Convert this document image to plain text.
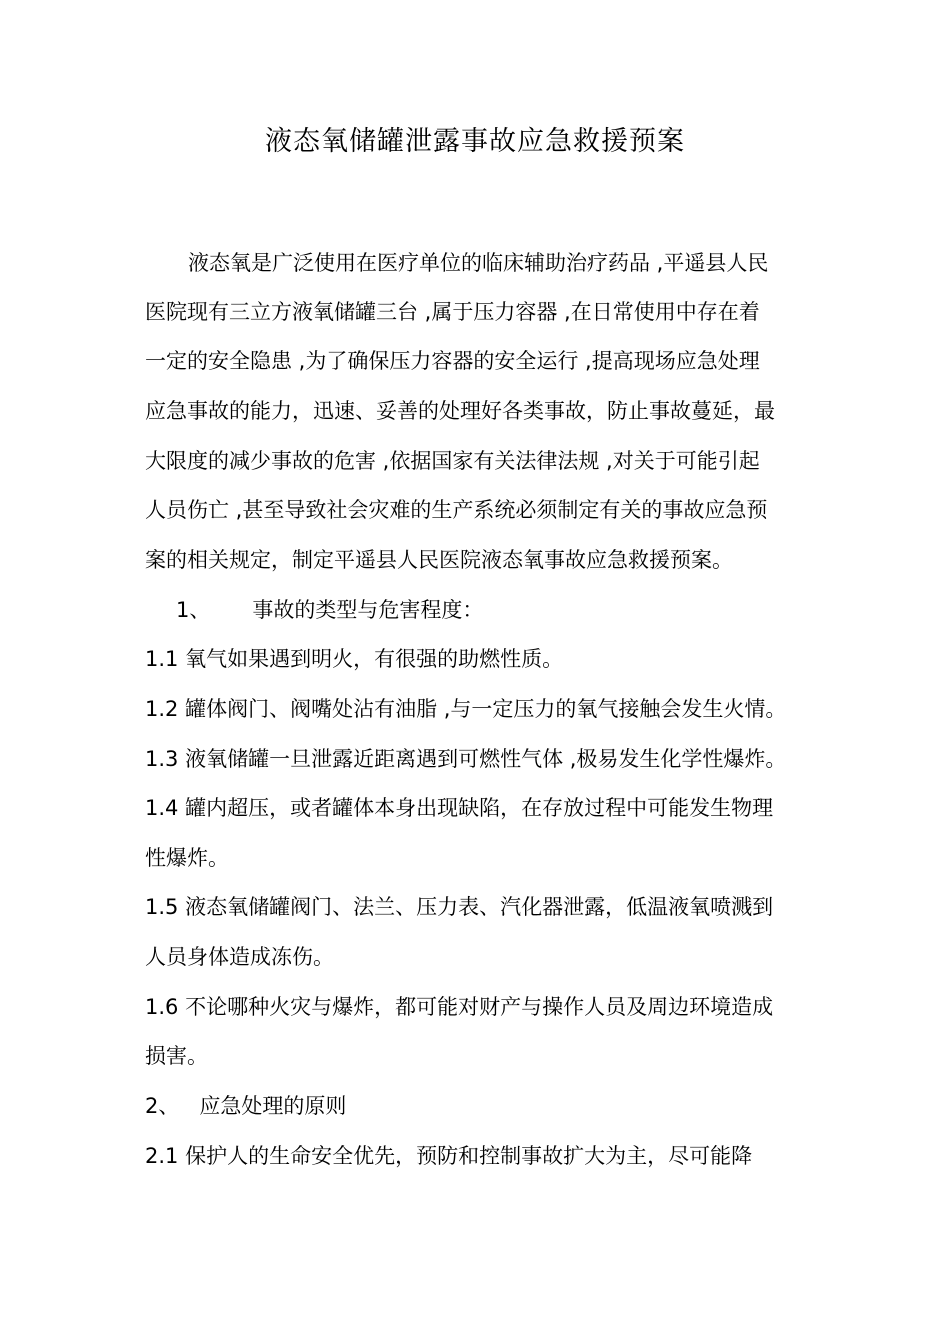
液态氧储罐泄露事故应急救援预案
液态氧是广泛使用在医疗单位的临床辅助治疗药品 ,平遥县人民
医院现有三立方液氧储罐三台 ,属于压力容器 ,在日常使用中存在着
一定的安全隐患 ,为了确保压力容器的安全运行 ,提高现场应急处理
应急事故的能力，迅速、妥善的处理好各类事故，防止事故蔓延，最
大限度的减少事故的危害 ,依据国家有关法律法规 ,对关于可能引起
人员伤亡 ,甚至导致社会灾难的生产系统必须制定有关的事故应急预
案的相关规定，制定平遥县人民医院液态氧事故应急救援预案。
1、 事故的类型与危害程度：
1.1 氧气如果遇到明火，有很强的助燃性质。
1.2 罐体阀门、阀嘴处沾有油脂 ,与一定压力的氧气接触会发生火情。
1.3 液氧储罐一旦泄露近距离遇到可燃性气体 ,极易发生化学性爆炸。
1.4 罐内超压，或者罐体本身出现缺陷，在存放过程中可能发生物理
性爆炸。
1.5 液态氧储罐阀门、法兰、压力表、汽化器泄露，低温液氧喷溅到
人员身体造成冻伤。
1.6 不论哪种火灾与爆炸，都可能对财产与操作人员及周边环境造成
损害。
2、 应急处理的原则
2.1 保护人的生命安全优先，预防和控制事故扩大为主，尽可能降
